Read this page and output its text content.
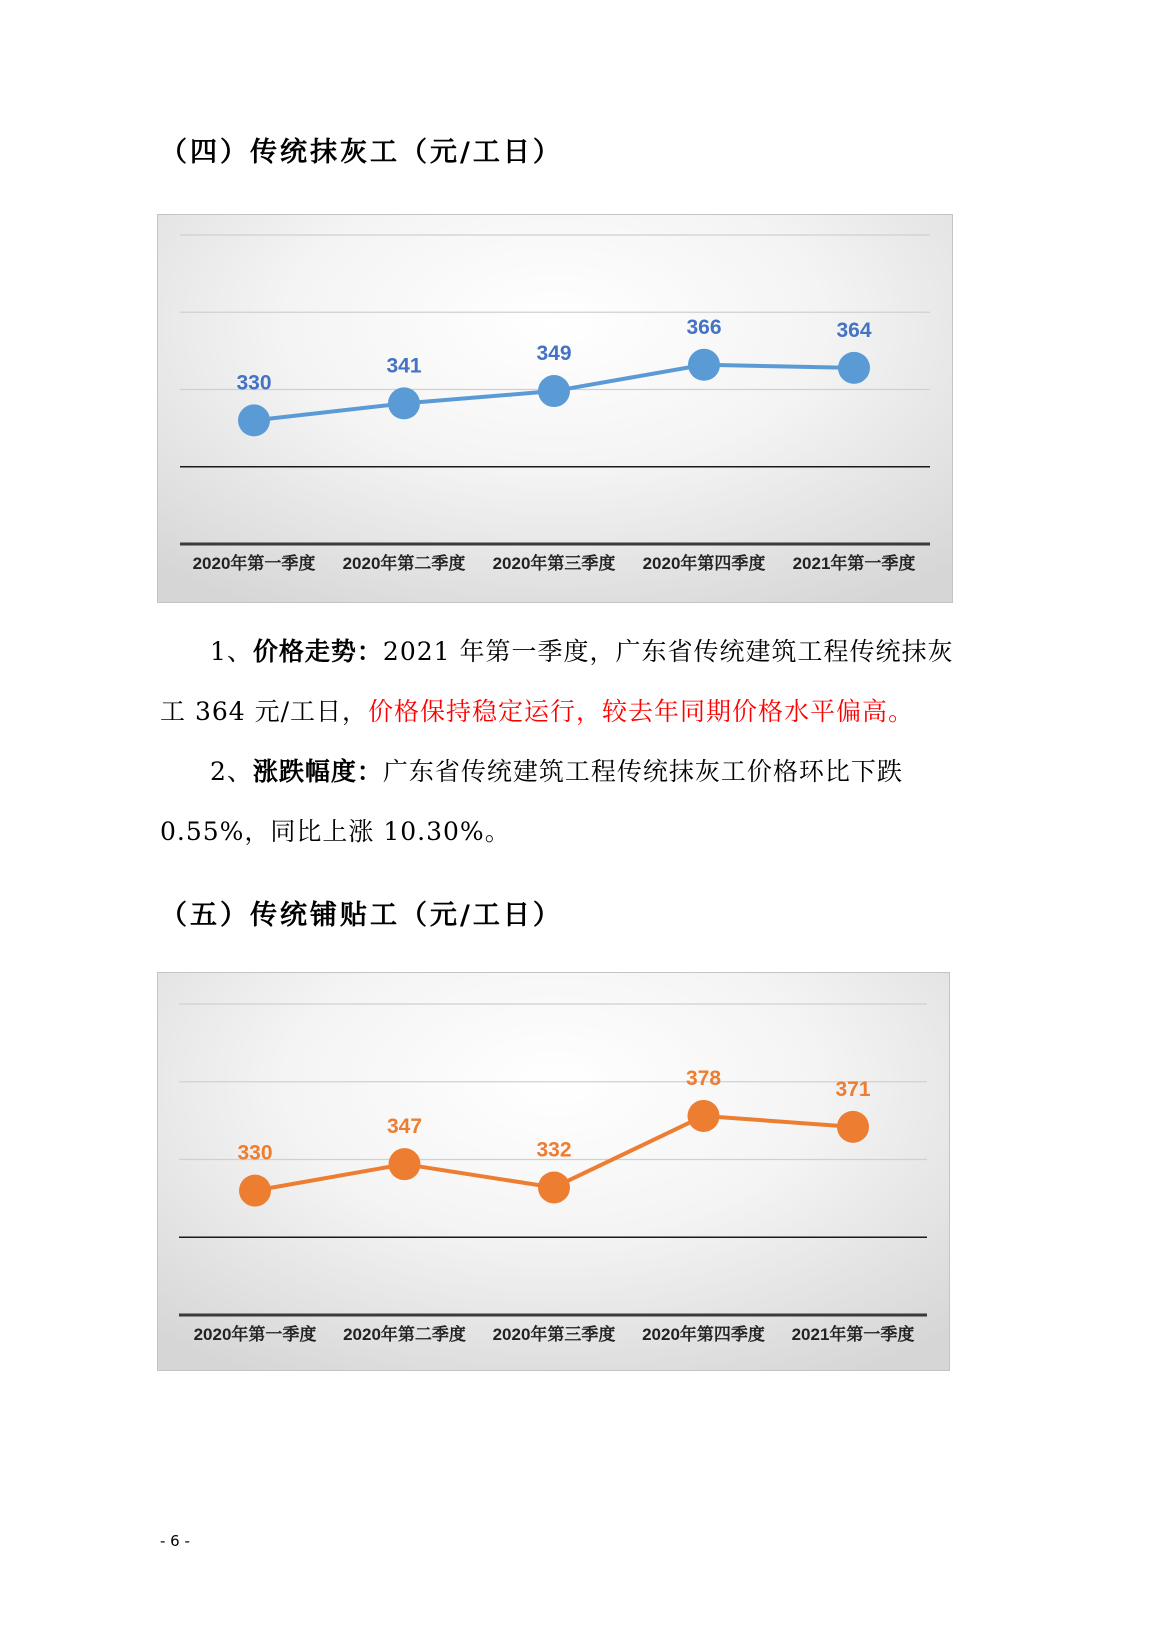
（四）传统抹灰工（元/工日）
330
2020年第一季度
341
2020年第二季度
349
2020年第三季度
366
2020年第四季度
364
2021年第一季度
1、价格走势：2021 年第一季度，广东省传统建筑工程传统抹灰
工 364 元/工日，价格保持稳定运行，较去年同期价格水平偏高。
2、涨跌幅度：广东省传统建筑工程传统抹灰工价格环比下跌
0.55%，同比上涨 10.30%。
（五）传统铺贴工（元/工日）
330
2020年第一季度
347
2020年第二季度
332
2020年第三季度
378
2020年第四季度
371
2021年第一季度
- 6 -
